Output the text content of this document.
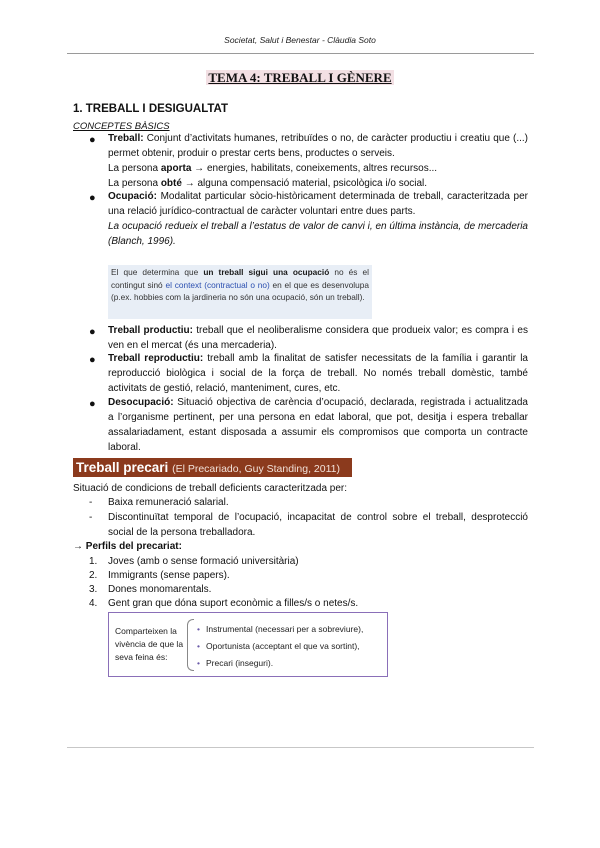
Societat, Salut i Benestar - Clàudia Soto
TEMA 4: TREBALL I GÈNERE
1. TREBALL I DESIGUALTAT
CONCEPTES BÀSICS
● Treball: Conjunt d’activitats humanes, retribuïdes o no, de caràcter productiu i creatiu que (...) permet obtenir, produir o prestar certs bens, productes o serveis.
La persona aporta → energies, habilitats, coneixements, altres recursos...
La persona obté → alguna compensació material, psicològica i/o social.
● Ocupació: Modalitat particular sòcio-històricament determinada de treball, caracteritzada per una relació jurídico-contractual de caràcter voluntari entre dues parts.
La ocupació redueix el treball a l’estatus de valor de canvi i, en última instància, de mercaderia (Blanch, 1996).
El que determina que un treball sigui una ocupació no és el contingut sinó el context (contractual o no) en el que es desenvolupa (p.ex. hobbies com la jardineria no són una ocupació, són un treball).
● Treball productiu: treball que el neoliberalisme considera que produeix valor; es compra i es ven en el mercat (és una mercaderia).
● Treball reproductiu: treball amb la finalitat de satisfer necessitats de la família i garantir la reproducció biològica i social de la força de treball. No només treball domèstic, també activitats de gestió, relació, manteniment, cures, etc.
● Desocupació: Situació objectiva de carència d’ocupació, declarada, registrada i actualitzada a l’organisme pertinent, per una persona en edat laboral, que pot, desitja i espera treballar assalariadament, estant disposada a assumir els compromisos que comporta un contracte laboral.
Treball precari (El Precariado, Guy Standing, 2011)
Situació de condicions de treball deficients caracteritzada per:
- Baixa remuneració salarial.
- Discontinuïtat temporal de l’ocupació, incapacitat de control sobre el treball, desprotecció social de la persona treballadora.
→ Perfils del precariat:
1. Joves (amb o sense formació universitària)
2. Immigrants (sense papers).
3. Dones monomarentals.
4. Gent gran que dóna suport econòmic a filles/s o netes/s.
Comparteixen la vivència de que la seva feina és:
• Instrumental (necessari per a sobreviure),
• Oportunista (acceptant el que va sortint),
• Precari (inseguri).
